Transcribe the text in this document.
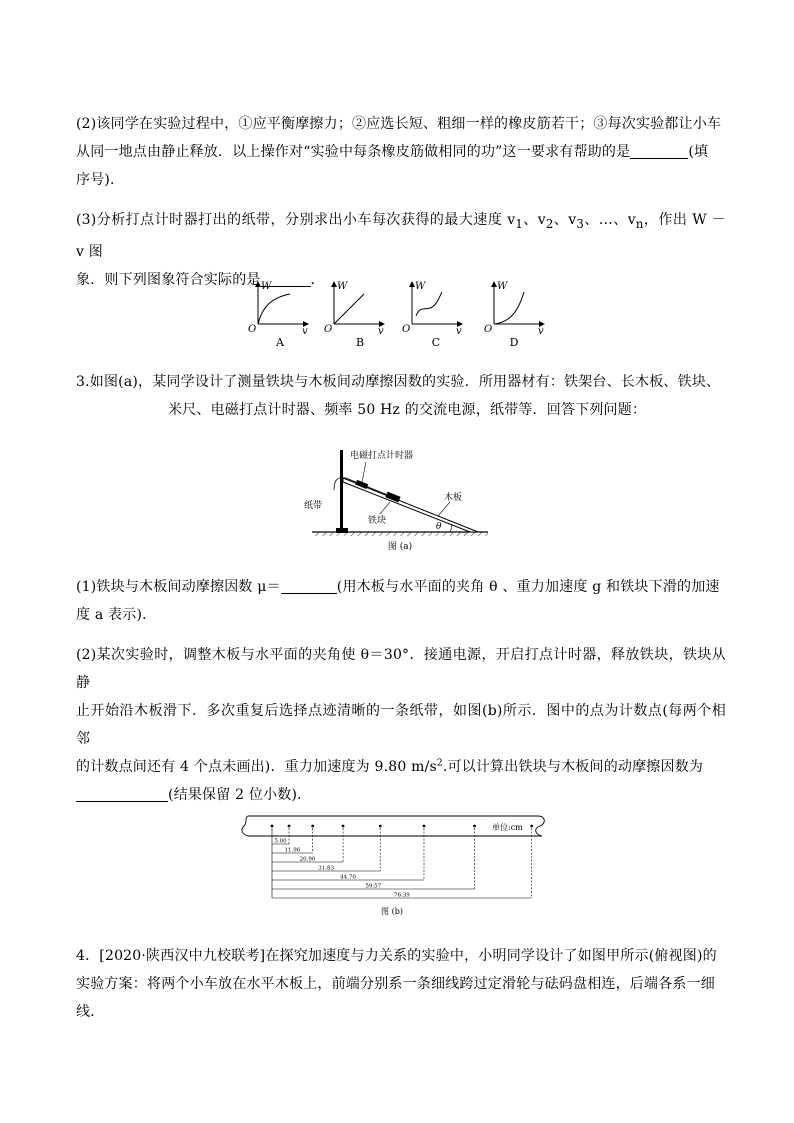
(2)该同学在实验过程中，①应平衡摩擦力；②应选长短、粗细一样的橡皮筋若干；③每次实验都让小车
从同一地点由静止释放．以上操作对“实验中每条橡皮筋做相同的功”这一要求有帮助的是	(填
序号)．
(3)分析打点计时器打出的纸带，分别求出小车每次获得的最大速度 $v_1$、$v_2$、$v_3$、…、$v_n$，作出 W － v 图
象．则下列图象符合实际的是	．
W
v
O
A
W
v
O
B
W
v
O
C
W
v
O
D
3.如图(a)，某同学设计了测量铁块与木板间动摩擦因数的实验．所用器材有：铁架台、长木板、铁块、
米尺、电磁打点计时器、频率 50 Hz 的交流电源，纸带等．回答下列问题：
电磁打点计时器
纸带
木板
铁块
θ
图 (a)
(1)铁块与木板间动摩擦因数 μ＝	(用木板与水平面的夹角 θ 、重力加速度 g 和铁块下滑的加速
度 a 表示)．
(2)某次实验时，调整木板与水平面的夹角使 θ＝30°．接通电源，开启打点计时器，释放铁块，铁块从静
止开始沿木板滑下．多次重复后选择点迹清晰的一条纸带，如图(b)所示．图中的点为计数点(每两个相邻
的计数点间还有 4 个点未画出)．重力加速度为 9.80 $m/s^2$.可以计算出铁块与木板间的动摩擦因数为
(结果保留 2 位小数)．
单位:cm
5.00
11.96
20.90
31.83
44.70
59.57
76.39
图 (b)
4．[2020·陕西汉中九校联考]在探究加速度与力关系的实验中，小明同学设计了如图甲所示(俯视图)的
实验方案：将两个小车放在水平木板上，前端分别系一条细线跨过定滑轮与砝码盘相连，后端各系一细
线．
